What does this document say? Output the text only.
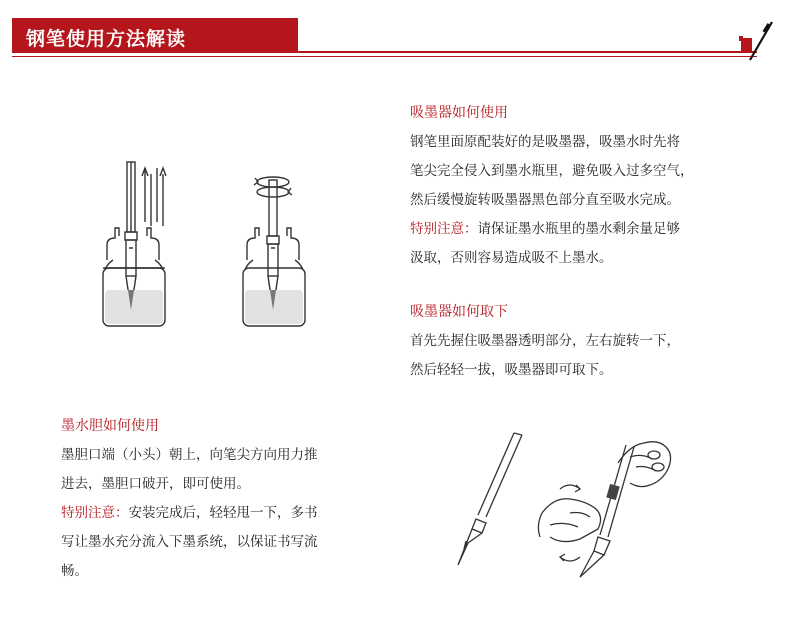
钢笔使用方法解读
吸墨器如何使用
钢笔里面原配装好的是吸墨器，吸墨水时先将
笔尖完全侵入到墨水瓶里，避免吸入过多空气，
然后缓慢旋转吸墨器黑色部分直至吸水完成。
特别注意：请保证墨水瓶里的墨水剩余量足够
汲取，否则容易造成吸不上墨水。
吸墨器如何取下
首先先握住吸墨器透明部分，左右旋转一下，
然后轻轻一拔，吸墨器即可取下。
墨水胆如何使用
墨胆口端（小头）朝上，向笔尖方向用力推
进去，墨胆口破开，即可使用。
特别注意：安装完成后，轻轻甩一下，多书
写让墨水充分流入下墨系统，以保证书写流
畅。
